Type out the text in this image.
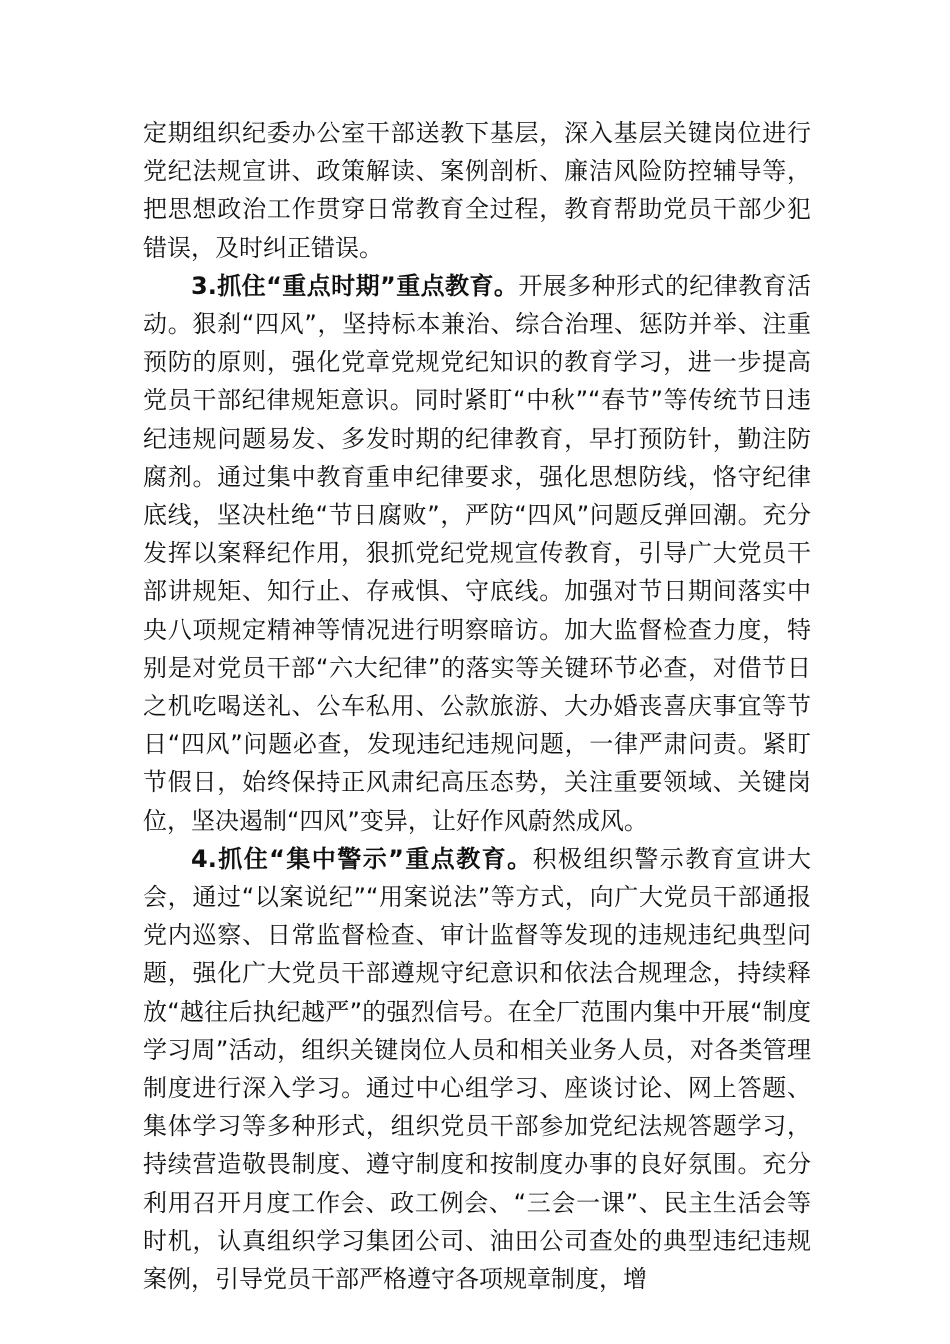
定期组织纪委办公室干部送教下基层，深入基层关键岗位进行党纪法规宣讲、政策解读、案例剖析、廉洁风险防控辅导等，把思想政治工作贯穿日常教育全过程，教育帮助党员干部少犯错误，及时纠正错误。

3.抓住“重点时期”重点教育。开展多种形式的纪律教育活动。狠刹“四风”，坚持标本兼治、综合治理、惩防并举、注重预防的原则，强化党章党规党纪知识的教育学习，进一步提高党员干部纪律规矩意识。同时紧盯“中秋”“春节”等传统节日违纪违规问题易发、多发时期的纪律教育，早打预防针，勤注防腐剂。通过集中教育重申纪律要求，强化思想防线，恪守纪律底线，坚决杜绝“节日腐败”，严防“四风”问题反弹回潮。充分发挥以案释纪作用，狠抓党纪党规宣传教育，引导广大党员干部讲规矩、知行止、存戒惧、守底线。加强对节日期间落实中央八项规定精神等情况进行明察暗访。加大监督检查力度，特别是对党员干部“六大纪律”的落实等关键环节必查，对借节日之机吃喝送礼、公车私用、公款旅游、大办婚丧喜庆事宜等节日“四风”问题必查，发现违纪违规问题，一律严肃问责。紧盯节假日，始终保持正风肃纪高压态势，关注重要领域、关键岗位，坚决遏制“四风”变异，让好作风蔚然成风。

4.抓住“集中警示”重点教育。积极组织警示教育宣讲大会，通过“以案说纪”“用案说法”等方式，向广大党员干部通报党内巡察、日常监督检查、审计监督等发现的违规违纪典型问题，强化广大党员干部遵规守纪意识和依法合规理念，持续释放“越往后执纪越严”的强烈信号。在全厂范围内集中开展“制度学习周”活动，组织关键岗位人员和相关业务人员，对各类管理制度进行深入学习。通过中心组学习、座谈讨论、网上答题、集体学习等多种形式，组织党员干部参加党纪法规答题学习，持续营造敬畏制度、遵守制度和按制度办事的良好氛围。充分利用召开月度工作会、政工例会、“三会一课”、民主生活会等时机，认真组织学习集团公司、油田公司查处的典型违纪违规案例，引导党员干部严格遵守各项规章制度，增
